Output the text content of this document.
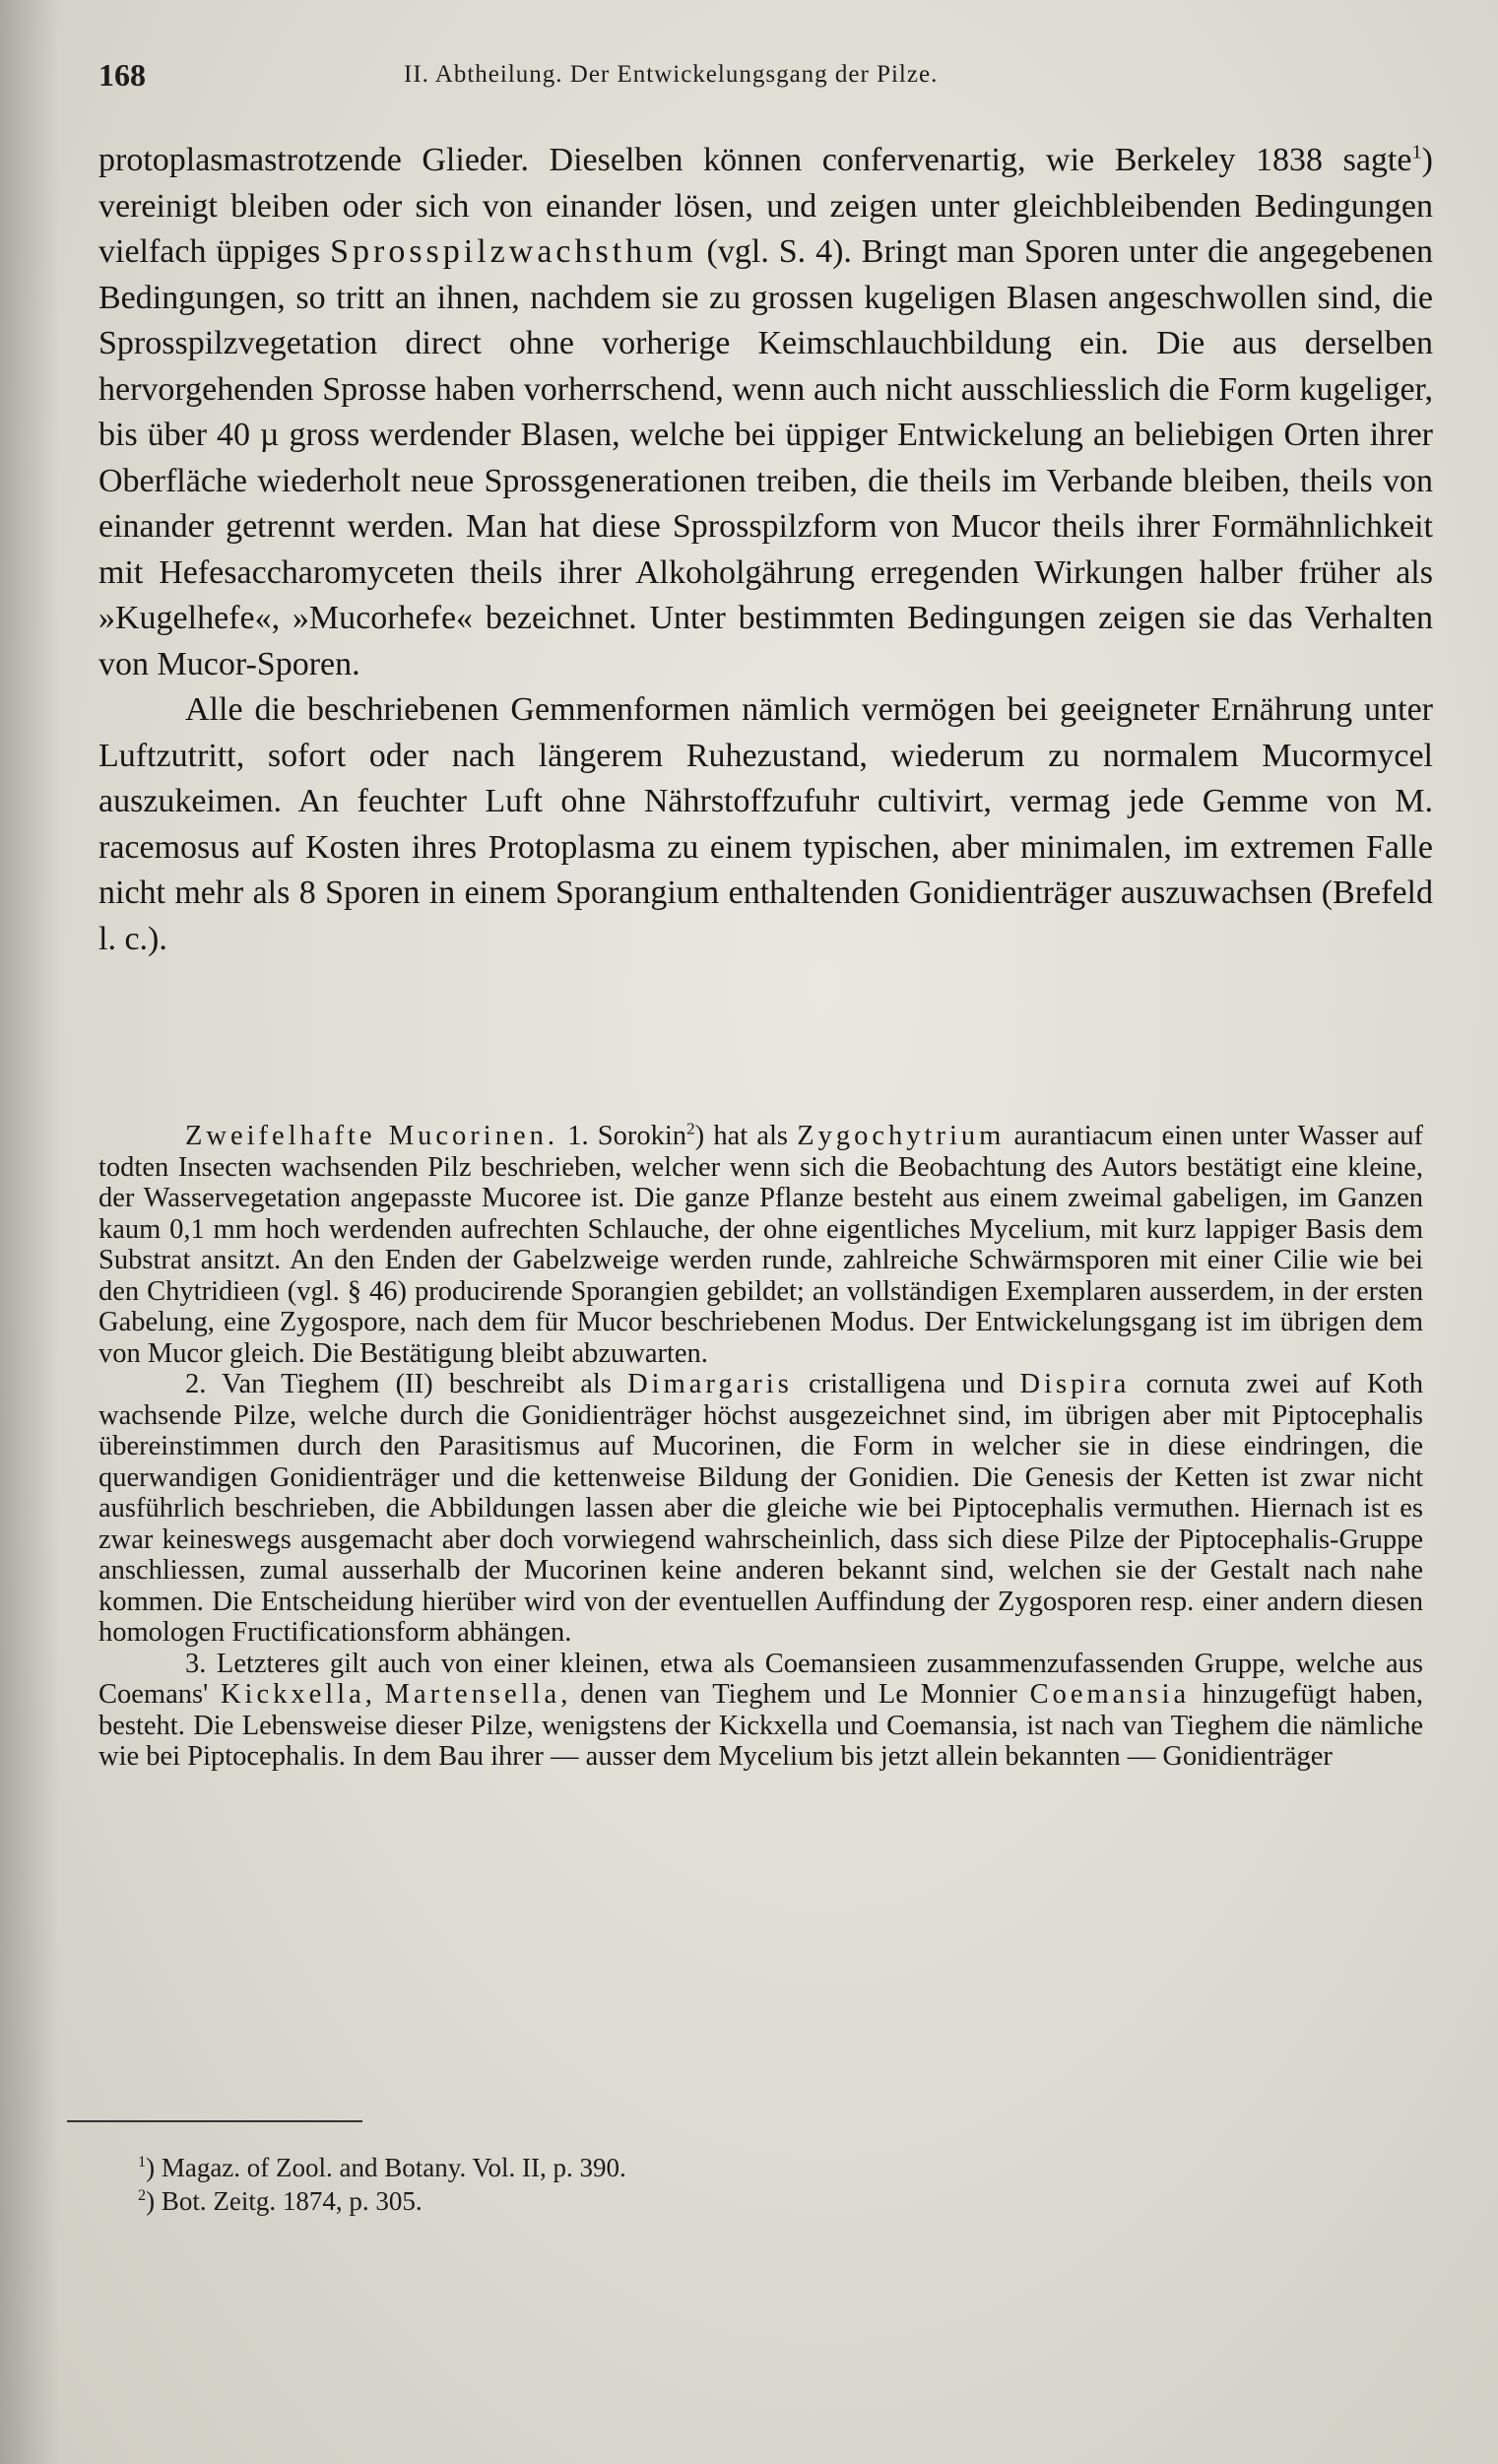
168	II. Abtheilung. Der Entwickelungsgang der Pilze.

protoplasmastrotzende Glieder. Dieselben können confervenartig, wie Berkeley 1838 sagte$^1$) vereinigt bleiben oder sich von einander lösen, und zeigen unter gleichbleibenden Bedingungen vielfach üppiges Sprosspilzwachsthum (vgl. S. 4). Bringt man Sporen unter die angegebenen Bedingungen, so tritt an ihnen, nachdem sie zu grossen kugeligen Blasen angeschwollen sind, die Sprosspilzvegetation direct ohne vorherige Keimschlauchbildung ein. Die aus derselben hervorgehenden Sprosse haben vorherrschend, wenn auch nicht ausschliesslich die Form kugeliger, bis über 40 µ gross werdender Blasen, welche bei üppiger Entwickelung an beliebigen Orten ihrer Oberfläche wiederholt neue Sprossgenerationen treiben, die theils im Verbande bleiben, theils von einander getrennt werden. Man hat diese Sprosspilzform von Mucor theils ihrer Formähnlichkeit mit Hefesaccharomyceten theils ihrer Alkoholgährung erregenden Wirkungen halber früher als »Kugelhefe«, »Mucorhefe« bezeichnet. Unter bestimmten Bedingungen zeigen sie das Verhalten von Mucor-Sporen.

Alle die beschriebenen Gemmenformen nämlich vermögen bei geeigneter Ernährung unter Luftzutritt, sofort oder nach längerem Ruhezustand, wiederum zu normalem Mucormycel auszukeimen. An feuchter Luft ohne Nährstoffzufuhr cultivirt, vermag jede Gemme von M. racemosus auf Kosten ihres Protoplasma zu einem typischen, aber minimalen, im extremen Falle nicht mehr als 8 Sporen in einem Sporangium enthaltenden Gonidienträger auszuwachsen (Brefeld l. c.).

Zweifelhafte Mucorinen. 1. Sorokin$^2$) hat als Zygochytrium aurantiacum einen unter Wasser auf todten Insecten wachsenden Pilz beschrieben, welcher wenn sich die Beobachtung des Autors bestätigt eine kleine, der Wasservegetation angepasste Mucoree ist. Die ganze Pflanze besteht aus einem zweimal gabeligen, im Ganzen kaum 0,1 mm hoch werdenden aufrechten Schlauche, der ohne eigentliches Mycelium, mit kurz lappiger Basis dem Substrat ansitzt. An den Enden der Gabelzweige werden runde, zahlreiche Schwärmsporen mit einer Cilie wie bei den Chytridieen (vgl. § 46) producirende Sporangien gebildet; an vollständigen Exemplaren ausserdem, in der ersten Gabelung, eine Zygospore, nach dem für Mucor beschriebenen Modus. Der Entwickelungsgang ist im übrigen dem von Mucor gleich. Die Bestätigung bleibt abzuwarten.

2. Van Tieghem (II) beschreibt als Dimargaris cristalligena und Dispira cornuta zwei auf Koth wachsende Pilze, welche durch die Gonidienträger höchst ausgezeichnet sind, im übrigen aber mit Piptocephalis übereinstimmen durch den Parasitismus auf Mucorinen, die Form in welcher sie in diese eindringen, die querwandigen Gonidienträger und die kettenweise Bildung der Gonidien. Die Genesis der Ketten ist zwar nicht ausführlich beschrieben, die Abbildungen lassen aber die gleiche wie bei Piptocephalis vermuthen. Hiernach ist es zwar keineswegs ausgemacht aber doch vorwiegend wahrscheinlich, dass sich diese Pilze der Piptocephalis-Gruppe anschliessen, zumal ausserhalb der Mucorinen keine anderen bekannt sind, welchen sie der Gestalt nach nahe kommen. Die Entscheidung hierüber wird von der eventuellen Auffindung der Zygosporen resp. einer andern diesen homologen Fructificationsform abhängen.

3. Letzteres gilt auch von einer kleinen, etwa als Coemansieen zusammenzufassenden Gruppe, welche aus Coemans' Kickxella, Martensella, denen van Tieghem und Le Monnier Coemansia hinzugefügt haben, besteht. Die Lebensweise dieser Pilze, wenigstens der Kickxella und Coemansia, ist nach van Tieghem die nämliche wie bei Piptocephalis. In dem Bau ihrer — ausser dem Mycelium bis jetzt allein bekannten — Gonidienträger

$^1$) Magaz. of Zool. and Botany. Vol. II, p. 390.

$^2$) Bot. Zeitg. 1874, p. 305.
